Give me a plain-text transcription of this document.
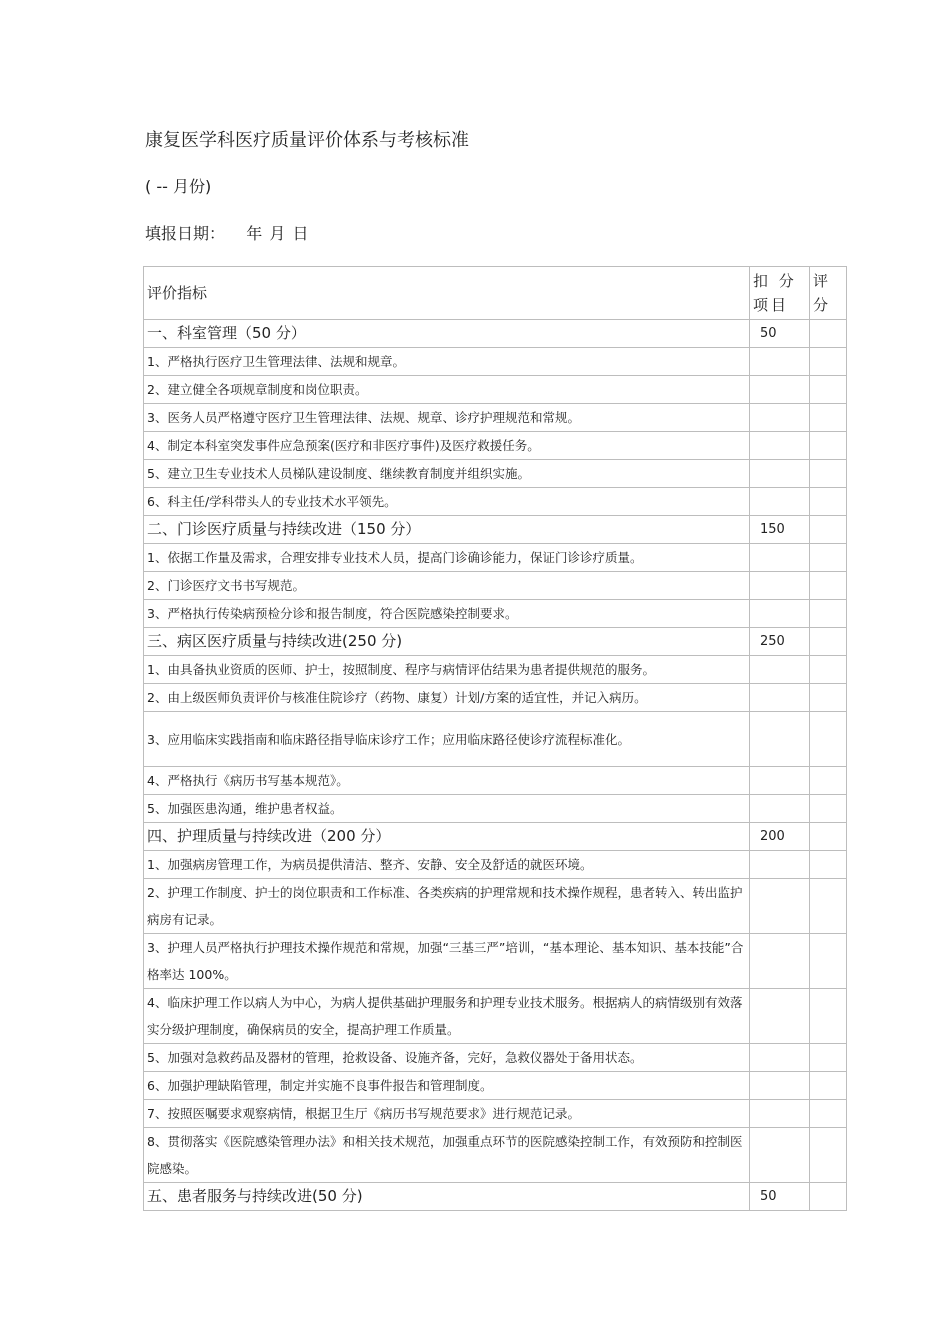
康复医学科医疗质量评价体系与考核标准
( -- 月份)
填报日期： 年 月 日
评价指标	扣 分 项目	评 分
一、科室管理（50 分）	50	
1、严格执行医疗卫生管理法律、法规和规章。		
2、建立健全各项规章制度和岗位职责。		
3、医务人员严格遵守医疗卫生管理法律、法规、规章、诊疗护理规范和常规。		
4、制定本科室突发事件应急预案(医疗和非医疗事件)及医疗救援任务。		
5、建立卫生专业技术人员梯队建设制度、继续教育制度并组织实施。		
6、科主任/学科带头人的专业技术水平领先。		
二、门诊医疗质量与持续改进（150 分）	150	
1、依据工作量及需求，合理安排专业技术人员，提高门诊确诊能力，保证门诊诊疗质量。		
2、门诊医疗文书书写规范。		
3、严格执行传染病预检分诊和报告制度，符合医院感染控制要求。		
三、病区医疗质量与持续改进(250 分)	250	
1、由具备执业资质的医师、护士，按照制度、程序与病情评估结果为患者提供规范的服务。		
2、由上级医师负责评价与核准住院诊疗（药物、康复）计划/方案的适宜性，并记入病历。		
3、应用临床实践指南和临床路径指导临床诊疗工作；应用临床路径使诊疗流程标准化。		
4、严格执行《病历书写基本规范》。		
5、加强医患沟通，维护患者权益。		
四、护理质量与持续改进（200 分）	200	
1、加强病房管理工作，为病员提供清洁、整齐、安静、安全及舒适的就医环境。		
2、护理工作制度、护士的岗位职责和工作标准、各类疾病的护理常规和技术操作规程，患者转入、转出监护病房有记录。		
3、护理人员严格执行护理技术操作规范和常规，加强“三基三严”培训，“基本理论、基本知识、基本技能”合格率达 100%。		
4、临床护理工作以病人为中心，为病人提供基础护理服务和护理专业技术服务。根据病人的病情级别有效落实分级护理制度，确保病员的安全，提高护理工作质量。		
5、加强对急救药品及器材的管理，抢救设备、设施齐备，完好，急救仪器处于备用状态。		
6、加强护理缺陷管理，制定并实施不良事件报告和管理制度。		
7、按照医嘱要求观察病情，根据卫生厅《病历书写规范要求》进行规范记录。		
8、贯彻落实《医院感染管理办法》和相关技术规范，加强重点环节的医院感染控制工作，有效预防和控制医院感染。		
五、患者服务与持续改进(50 分)	50	
